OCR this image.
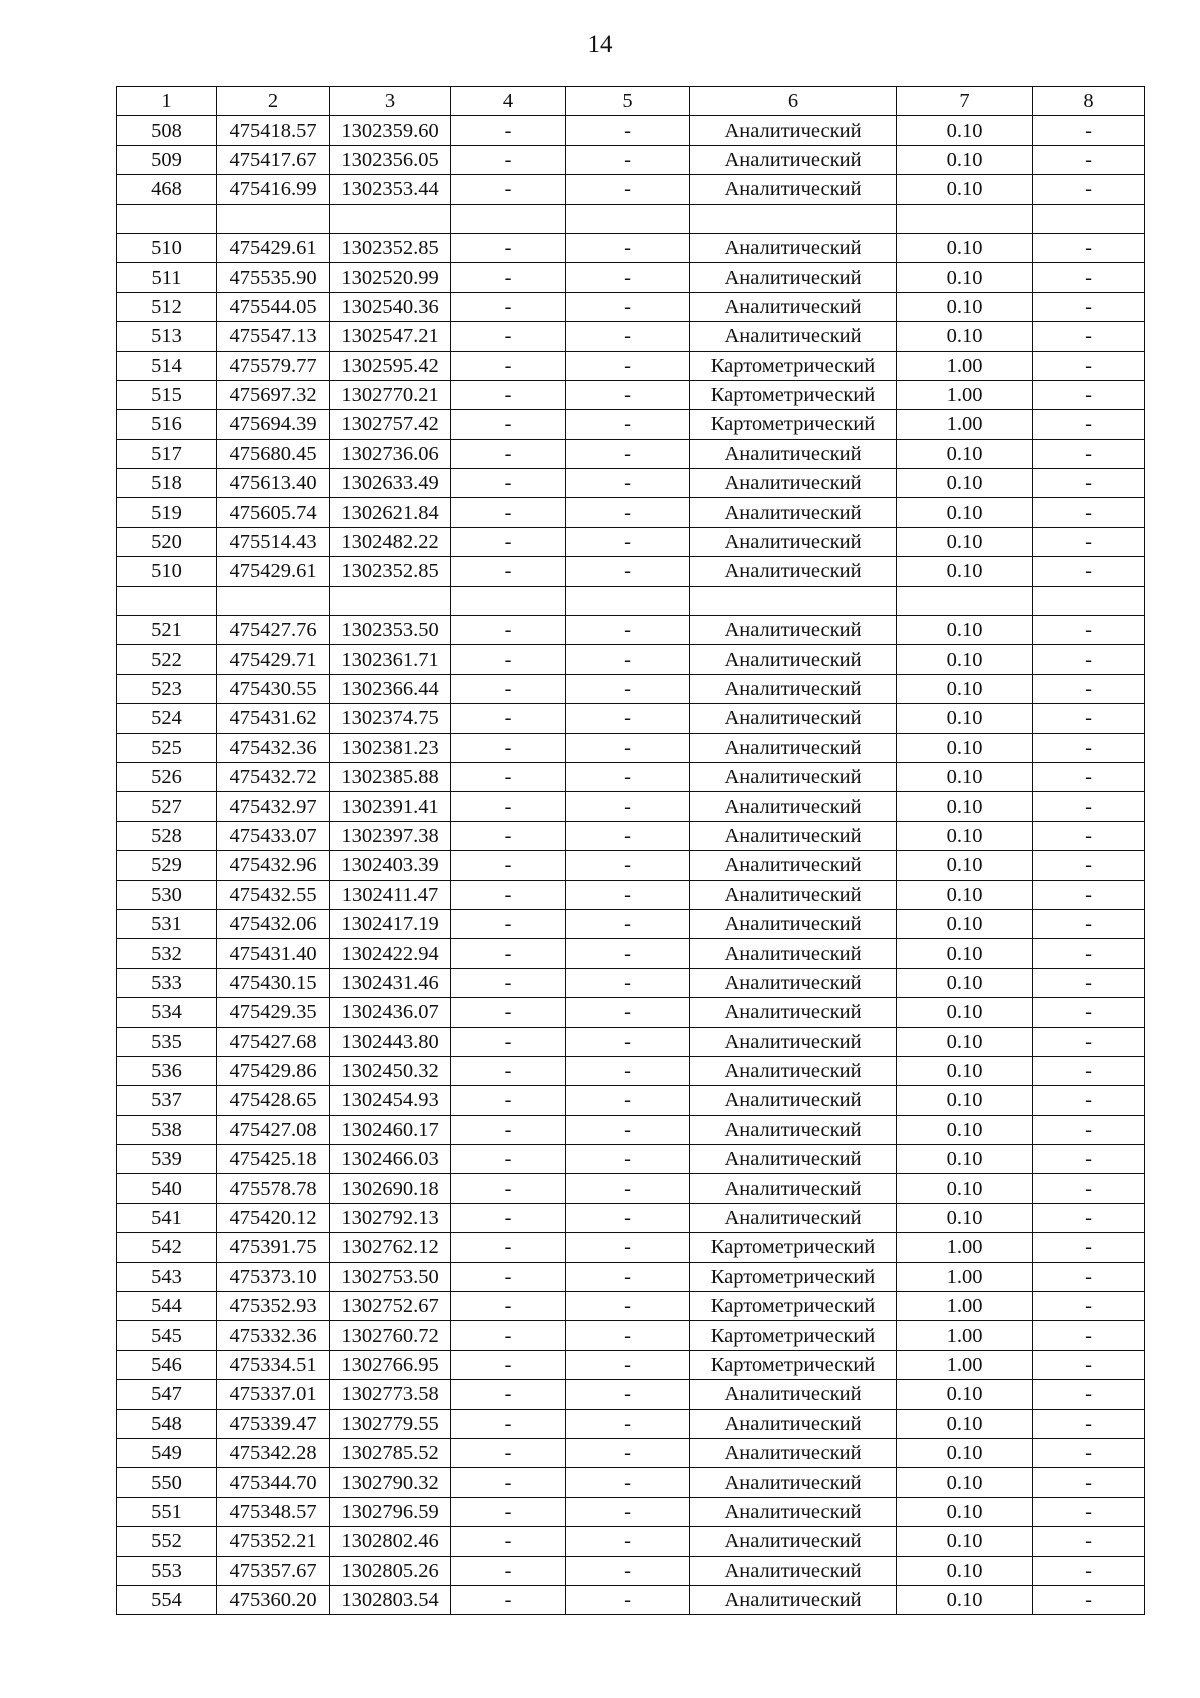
14
1	2	3	4	5	6	7	8
508	475418.57	1302359.60	-	-	Аналитический	0.10	-
509	475417.67	1302356.05	-	-	Аналитический	0.10	-
468	475416.99	1302353.44	-	-	Аналитический	0.10	-

510	475429.61	1302352.85	-	-	Аналитический	0.10	-
511	475535.90	1302520.99	-	-	Аналитический	0.10	-
512	475544.05	1302540.36	-	-	Аналитический	0.10	-
513	475547.13	1302547.21	-	-	Аналитический	0.10	-
514	475579.77	1302595.42	-	-	Картометрический	1.00	-
515	475697.32	1302770.21	-	-	Картометрический	1.00	-
516	475694.39	1302757.42	-	-	Картометрический	1.00	-
517	475680.45	1302736.06	-	-	Аналитический	0.10	-
518	475613.40	1302633.49	-	-	Аналитический	0.10	-
519	475605.74	1302621.84	-	-	Аналитический	0.10	-
520	475514.43	1302482.22	-	-	Аналитический	0.10	-
510	475429.61	1302352.85	-	-	Аналитический	0.10	-

521	475427.76	1302353.50	-	-	Аналитический	0.10	-
522	475429.71	1302361.71	-	-	Аналитический	0.10	-
523	475430.55	1302366.44	-	-	Аналитический	0.10	-
524	475431.62	1302374.75	-	-	Аналитический	0.10	-
525	475432.36	1302381.23	-	-	Аналитический	0.10	-
526	475432.72	1302385.88	-	-	Аналитический	0.10	-
527	475432.97	1302391.41	-	-	Аналитический	0.10	-
528	475433.07	1302397.38	-	-	Аналитический	0.10	-
529	475432.96	1302403.39	-	-	Аналитический	0.10	-
530	475432.55	1302411.47	-	-	Аналитический	0.10	-
531	475432.06	1302417.19	-	-	Аналитический	0.10	-
532	475431.40	1302422.94	-	-	Аналитический	0.10	-
533	475430.15	1302431.46	-	-	Аналитический	0.10	-
534	475429.35	1302436.07	-	-	Аналитический	0.10	-
535	475427.68	1302443.80	-	-	Аналитический	0.10	-
536	475429.86	1302450.32	-	-	Аналитический	0.10	-
537	475428.65	1302454.93	-	-	Аналитический	0.10	-
538	475427.08	1302460.17	-	-	Аналитический	0.10	-
539	475425.18	1302466.03	-	-	Аналитический	0.10	-
540	475578.78	1302690.18	-	-	Аналитический	0.10	-
541	475420.12	1302792.13	-	-	Аналитический	0.10	-
542	475391.75	1302762.12	-	-	Картометрический	1.00	-
543	475373.10	1302753.50	-	-	Картометрический	1.00	-
544	475352.93	1302752.67	-	-	Картометрический	1.00	-
545	475332.36	1302760.72	-	-	Картометрический	1.00	-
546	475334.51	1302766.95	-	-	Картометрический	1.00	-
547	475337.01	1302773.58	-	-	Аналитический	0.10	-
548	475339.47	1302779.55	-	-	Аналитический	0.10	-
549	475342.28	1302785.52	-	-	Аналитический	0.10	-
550	475344.70	1302790.32	-	-	Аналитический	0.10	-
551	475348.57	1302796.59	-	-	Аналитический	0.10	-
552	475352.21	1302802.46	-	-	Аналитический	0.10	-
553	475357.67	1302805.26	-	-	Аналитический	0.10	-
554	475360.20	1302803.54	-	-	Аналитический	0.10	-
